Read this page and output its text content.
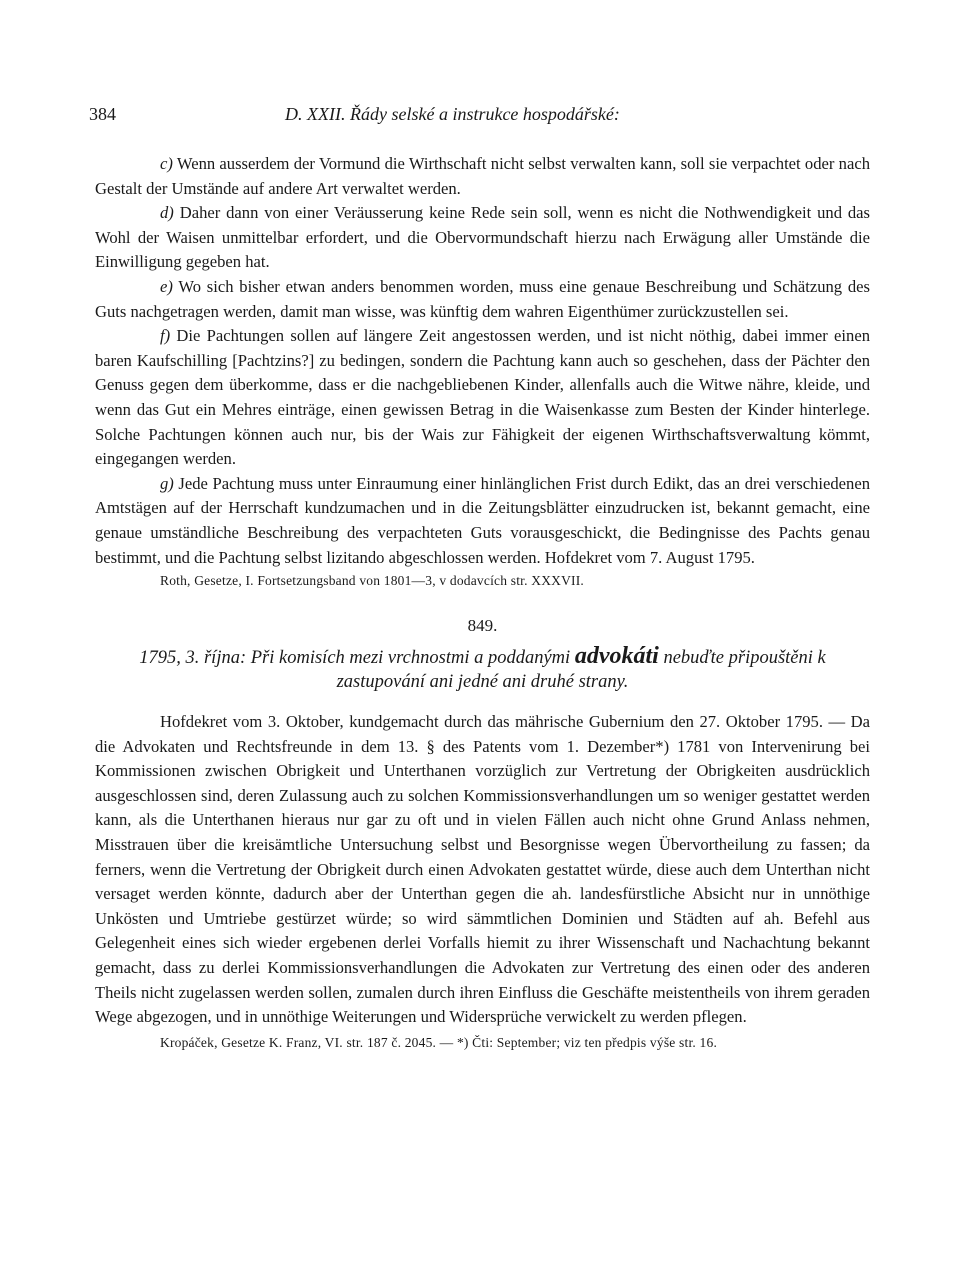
384	D. XXII. Řády selské a instrukce hospodářské:

c) Wenn ausserdem der Vormund die Wirthschaft nicht selbst verwalten kann, soll sie verpachtet oder nach Gestalt der Umstände auf andere Art verwaltet werden.

d) Daher dann von einer Veräusserung keine Rede sein soll, wenn es nicht die Nothwendigkeit und das Wohl der Waisen unmittelbar erfordert, und die Obervormundschaft hierzu nach Erwägung aller Umstände die Einwilligung gegeben hat.

e) Wo sich bisher etwan anders benommen worden, muss eine genaue Beschreibung und Schätzung des Guts nachgetragen werden, damit man wisse, was künftig dem wahren Eigenthümer zurückzustellen sei.

f) Die Pachtungen sollen auf längere Zeit angestossen werden, und ist nicht nöthig, dabei immer einen baren Kaufschilling [Pachtzins?] zu bedingen, sondern die Pachtung kann auch so geschehen, dass der Pächter den Genuss gegen dem überkomme, dass er die nachgebliebenen Kinder, allenfalls auch die Witwe nähre, kleide, und wenn das Gut ein Mehres einträge, einen gewissen Betrag in die Waisenkasse zum Besten der Kinder hinterlege. Solche Pachtungen können auch nur, bis der Wais zur Fähigkeit der eigenen Wirthschaftsverwaltung kömmt, eingegangen werden.

g) Jede Pachtung muss unter Einraumung einer hinlänglichen Frist durch Edikt, das an drei verschiedenen Amtstägen auf der Herrschaft kundzumachen und in die Zeitungsblätter einzudrucken ist, bekannt gemacht, eine genaue umständliche Beschreibung des verpachteten Guts vorausgeschickt, die Bedingnisse des Pachts genau bestimmt, und die Pachtung selbst lizitando abgeschlossen werden. Hofdekret vom 7. August 1795.

Roth, Gesetze, I. Fortsetzungsband von 1801—3, v dodavcích str. XXXVII.

849.
1795, 3. října: Při komisích mezi vrchnostmi a poddanými advokáti nebuďte připouštěni k zastupování ani jedné ani druhé strany.

Hofdekret vom 3. Oktober, kundgemacht durch das mährische Gubernium den 27. Oktober 1795. — Da die Advokaten und Rechtsfreunde in dem 13. § des Patents vom 1. Dezember*) 1781 von Intervenirung bei Kommissionen zwischen Obrigkeit und Unterthanen vorzüglich zur Vertretung der Obrigkeiten ausdrücklich ausgeschlossen sind, deren Zulassung auch zu solchen Kommissionsverhandlungen um so weniger gestattet werden kann, als die Unterthanen hieraus nur gar zu oft und in vielen Fällen auch nicht ohne Grund Anlass nehmen, Misstrauen über die kreisämtliche Untersuchung selbst und Besorgnisse wegen Übervortheilung zu fassen; da ferners, wenn die Vertretung der Obrigkeit durch einen Advokaten gestattet würde, diese auch dem Unterthan nicht versaget werden könnte, dadurch aber der Unterthan gegen die ah. landesfürstliche Absicht nur in unnöthige Unkösten und Umtriebe gestürzet würde; so wird sämmtlichen Dominien und Städten auf ah. Befehl aus Gelegenheit eines sich wieder ergebenen derlei Vorfalls hiemit zu ihrer Wissenschaft und Nachachtung bekannt gemacht, dass zu derlei Kommissionsverhandlungen die Advokaten zur Vertretung des einen oder des anderen Theils nicht zugelassen werden sollen, zumalen durch ihren Einfluss die Geschäfte meistentheils von ihrem geraden Wege abgezogen, und in unnöthige Weiterungen und Widersprüche verwickelt zu werden pflegen.

Kropáček, Gesetze K. Franz, VI. str. 187 č. 2045. — *) Čti: September; viz ten předpis výše str. 16.
